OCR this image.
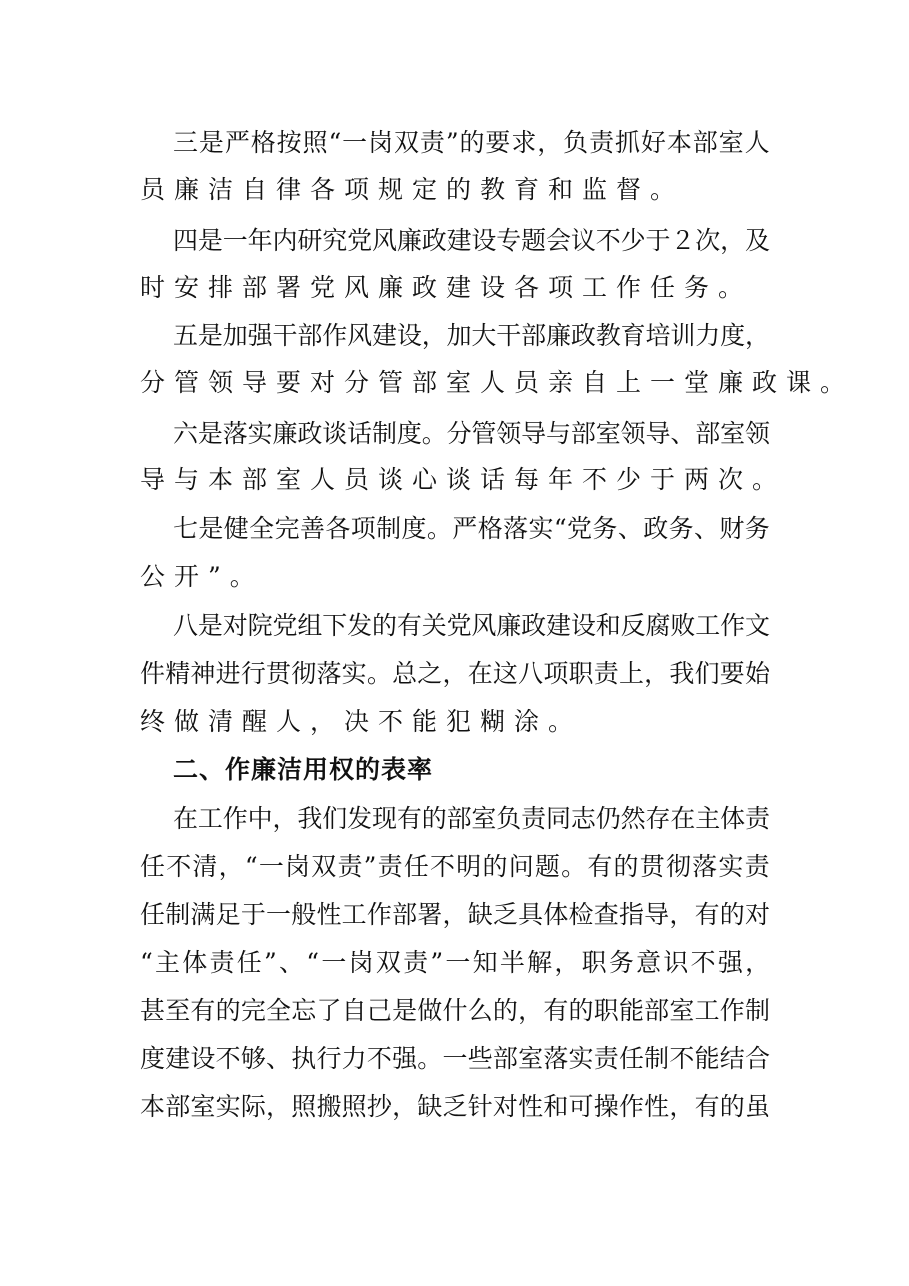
三是严格按照“一岗双责”的要求，负责抓好本部室人
员廉洁自律各项规定的教育和监督。
四是一年内研究党风廉政建设专题会议不少于２次，及
时安排部署党风廉政建设各项工作任务。
五是加强干部作风建设，加大干部廉政教育培训力度，
分管领导要对分管部室人员亲自上一堂廉政课。
六是落实廉政谈话制度。分管领导与部室领导、部室领
导与本部室人员谈心谈话每年不少于两次。
七是健全完善各项制度。严格落实“党务、政务、财务
公开”。
八是对院党组下发的有关党风廉政建设和反腐败工作文
件精神进行贯彻落实。总之，在这八项职责上，我们要始
终做清醒人，决不能犯糊涂。
二、作廉洁用权的表率
在工作中，我们发现有的部室负责同志仍然存在主体责
任不清，“一岗双责”责任不明的问题。有的贯彻落实责
任制满足于一般性工作部署，缺乏具体检查指导，有的对
“主体责任”、“一岗双责”一知半解，职务意识不强，
甚至有的完全忘了自己是做什么的，有的职能部室工作制
度建设不够、执行力不强。一些部室落实责任制不能结合
本部室实际，照搬照抄，缺乏针对性和可操作性，有的虽
